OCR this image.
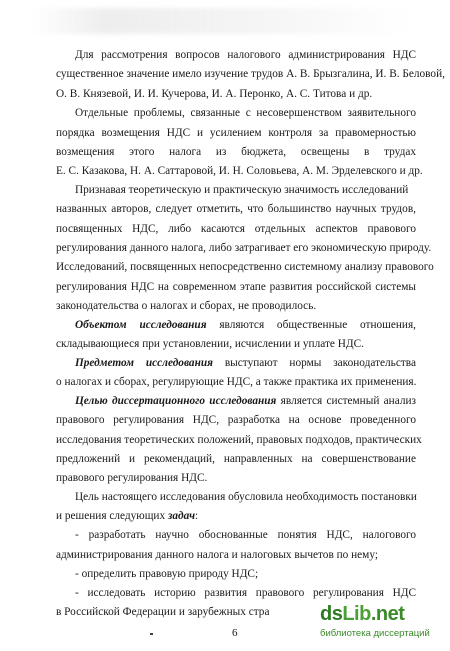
Для рассмотрения вопросов налогового администрирования НДС
существенное значение имело изучение трудов А. В. Брызгалина, И. В. Беловой,
О. В. Князевой, И. И. Кучерова, И. А. Перонко, А. С. Титова и др.
Отдельные проблемы, связанные с несовершенством заявительного
порядка возмещения НДС и усилением контроля за правомерностью
возмещения этого налога из бюджета, освещены в трудах
Е. С. Казакова, Н. А. Саттаровой, И. Н. Соловьева, А. М. Эрделевского и др.
Признавая теоретическую и практическую значимость исследований
названных авторов, следует отметить, что большинство научных трудов,
посвященных НДС, либо касаются отдельных аспектов правового
регулирования данного налога, либо затрагивает его экономическую природу.
Исследований, посвященных непосредственно системному анализу правового
регулирования НДС на современном этапе развития российской системы
законодательства о налогах и сборах, не проводилось.
Объектом исследования являются общественные отношения,
складывающиеся при установлении, исчислении и уплате НДС.
Предметом исследования выступают нормы законодательства
о налогах и сборах, регулирующие НДС, а также практика их применения.
Целью диссертационного исследования является системный анализ
правового регулирования НДС, разработка на основе проведенного
исследования теоретических положений, правовых подходов, практических
предложений и рекомендаций, направленных на совершенствование
правового регулирования НДС.
Цель настоящего исследования обусловила необходимость постановки
и решения следующих задач:
- разработать научно обоснованные понятия НДС, налогового
администрирования данного налога и налоговых вычетов по нему;
- определить правовую природу НДС;
- исследовать историю развития правового регулирования НДС
в Российской Федерации и зарубежных стра
6
dsLib.net
библиотека диссертаций
